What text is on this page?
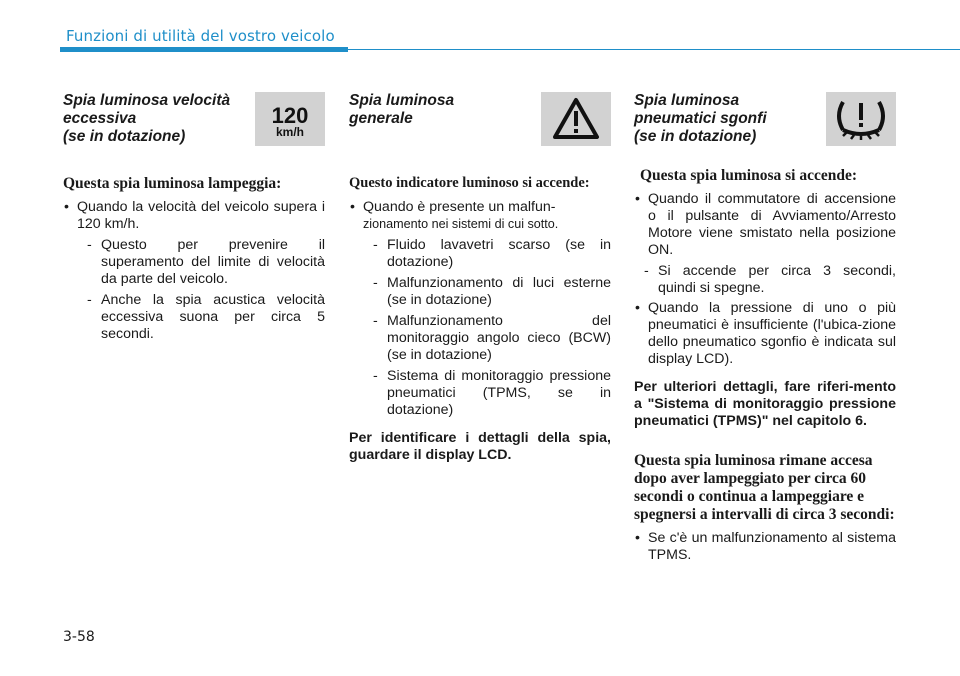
Funzioni di utilità del vostro veicolo

Spia luminosa velocità
eccessiva
(se in dotazione)

120
km/h
Questa spia luminosa lampeggia:
• Quando la velocità del veicolo supera i 120 km/h.
- Questo per prevenire il superamento del limite di velocità da parte del veicolo.
- Anche la spia acustica velocità eccessiva suona per circa 5 secondi.

Spia luminosa
generale

Questo indicatore luminoso si accende:
• Quando è presente un malfun-
zionamento nei sistemi di cui sotto.
- Fluido lavavetri scarso (se in dotazione)
- Malfunzionamento di luci esterne (se in dotazione)
- Malfunzionamento del monitoraggio angolo cieco (BCW) (se in dotazione)
- Sistema di monitoraggio pressione pneumatici (TPMS, se in dotazione)
Per identificare i dettagli della spia, guardare il display LCD.

Spia luminosa
pneumatici sgonfi
(se in dotazione)

Questa spia luminosa si accende:
• Quando il commutatore di accensione o il pulsante di Avviamento/Arresto Motore viene smistato nella posizione ON.
- Si accende per circa 3 secondi, quindi si spegne.
• Quando la pressione di uno o più pneumatici è insufficiente (l'ubica-zione dello pneumatico sgonfio è indicata sul display LCD).
Per ulteriori dettagli, fare riferi-mento a "Sistema di monitoraggio pressione pneumatici (TPMS)" nel capitolo 6.
Questa spia luminosa rimane accesa dopo aver lampeggiato per circa 60 secondi o continua a lampeggiare e spegnersi a intervalli di circa 3 secondi:
• Se c'è un malfunzionamento al sistema TPMS.
3-58
